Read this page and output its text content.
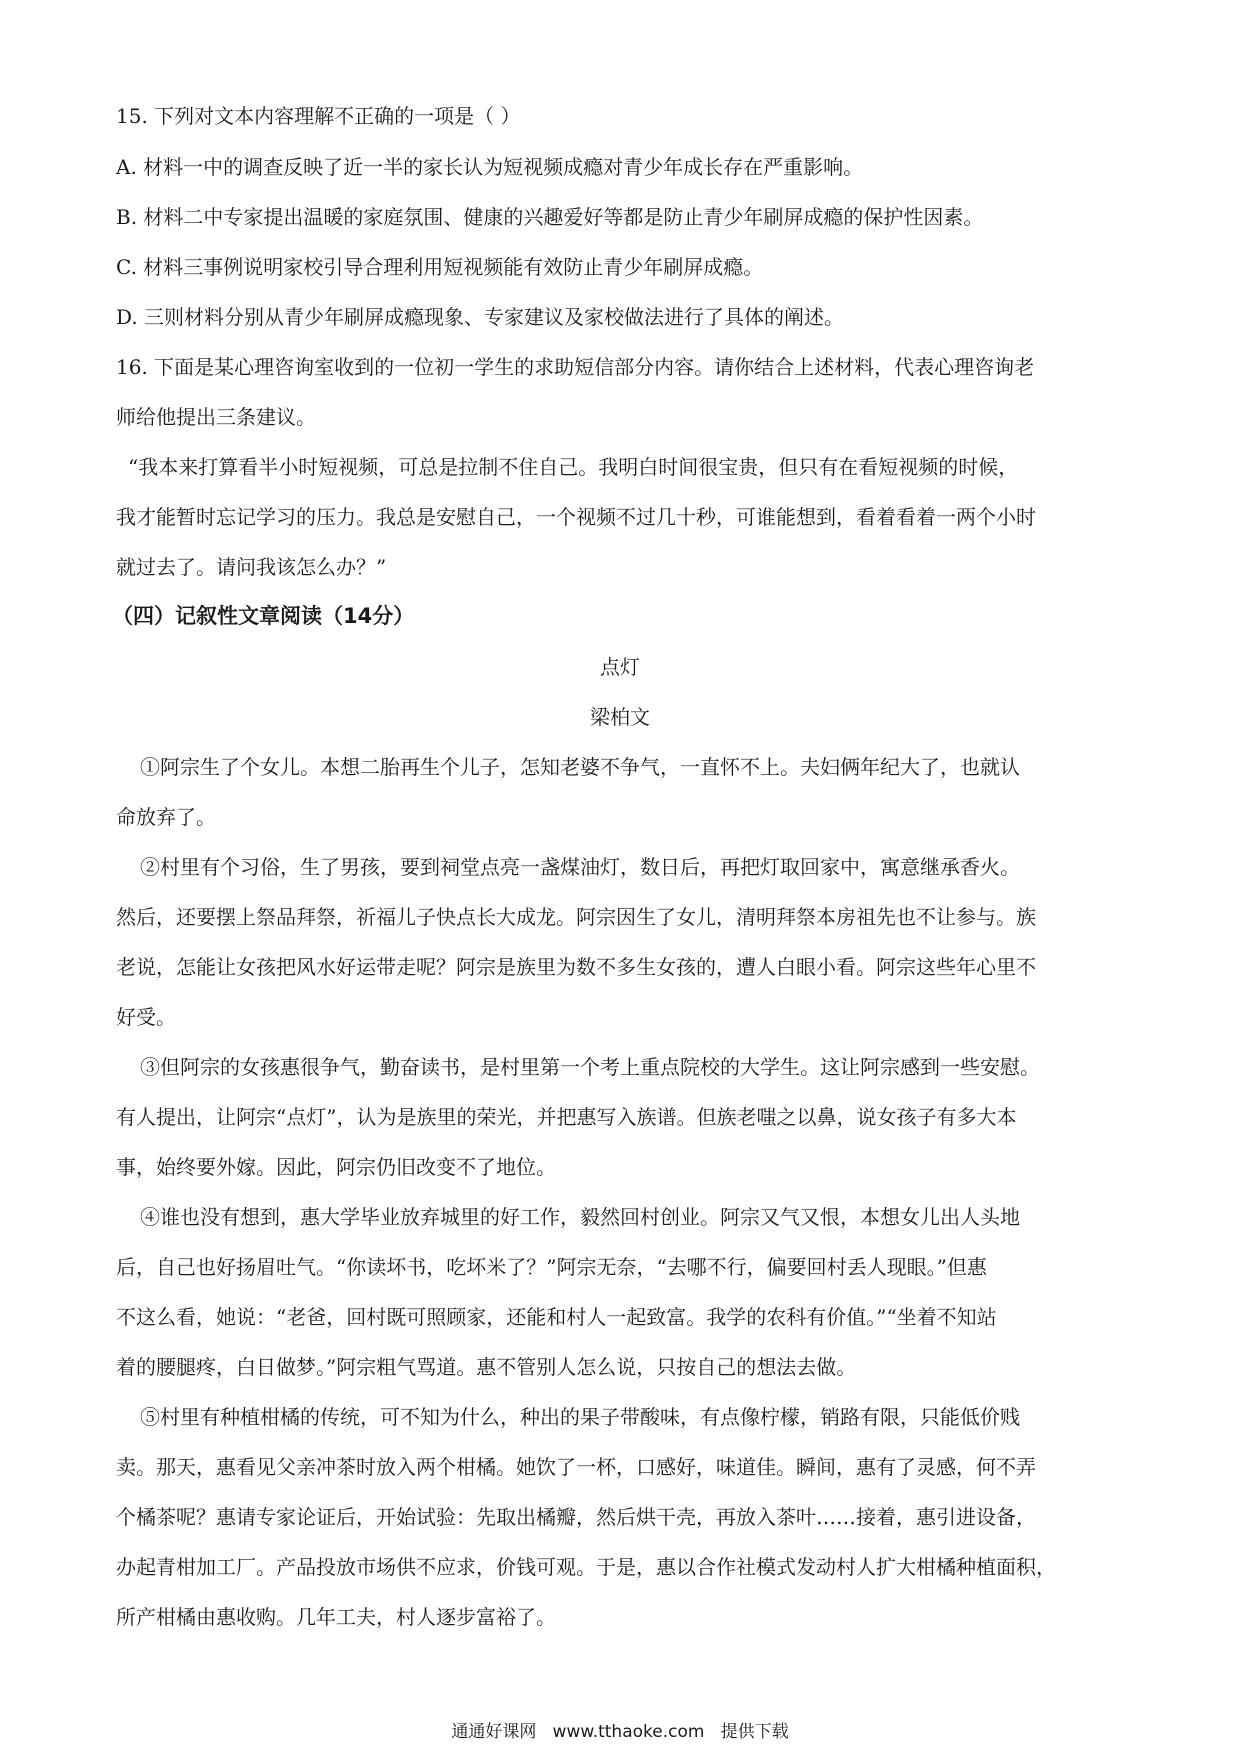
15. 下列对文本内容理解不正确的一项是（ ）
A. 材料一中的调查反映了近一半的家长认为短视频成瘾对青少年成长存在严重影响。
B. 材料二中专家提出温暖的家庭氛围、健康的兴趣爱好等都是防止青少年刷屏成瘾的保护性因素。
C. 材料三事例说明家校引导合理利用短视频能有效防止青少年刷屏成瘾。
D. 三则材料分别从青少年刷屏成瘾现象、专家建议及家校做法进行了具体的阐述。
16. 下面是某心理咨询室收到的一位初一学生的求助短信部分内容。请你结合上述材料，代表心理咨询老
师给他提出三条建议。
“我本来打算看半小时短视频，可总是拉制不住自己。我明白时间很宝贵，但只有在看短视频的时候，
我才能暂时忘记学习的压力。我总是安慰自己，一个视频不过几十秒，可谁能想到，看着看着一两个小时
就过去了。请问我该怎么办？”
（四）记叙性文章阅读（14分）
点灯
梁柏文
①阿宗生了个女儿。本想二胎再生个儿子，怎知老婆不争气，一直怀不上。夫妇俩年纪大了，也就认
命放弃了。
②村里有个习俗，生了男孩，要到祠堂点亮一盏煤油灯，数日后，再把灯取回家中，寓意继承香火。
然后，还要摆上祭品拜祭，祈福儿子快点长大成龙。阿宗因生了女儿，清明拜祭本房祖先也不让参与。族
老说，怎能让女孩把风水好运带走呢？阿宗是族里为数不多生女孩的，遭人白眼小看。阿宗这些年心里不
好受。
③但阿宗的女孩惠很争气，勤奋读书，是村里第一个考上重点院校的大学生。这让阿宗感到一些安慰。
有人提出，让阿宗“点灯”，认为是族里的荣光，并把惠写入族谱。但族老嗤之以鼻，说女孩子有多大本
事，始终要外嫁。因此，阿宗仍旧改变不了地位。
④谁也没有想到，惠大学毕业放弃城里的好工作，毅然回村创业。阿宗又气又恨，本想女儿出人头地
后，自己也好扬眉吐气。“你读坏书，吃坏米了？”阿宗无奈，“去哪不行，偏要回村丢人现眼。”但惠
不这么看，她说：“老爸，回村既可照顾家，还能和村人一起致富。我学的农科有价值。”“坐着不知站
着的腰腿疼，白日做梦。”阿宗粗气骂道。惠不管别人怎么说，只按自己的想法去做。
⑤村里有种植柑橘的传统，可不知为什么，种出的果子带酸味，有点像柠檬，销路有限，只能低价贱
卖。那天，惠看见父亲冲茶时放入两个柑橘。她饮了一杯，口感好，味道佳。瞬间，惠有了灵感，何不弄
个橘茶呢？惠请专家论证后，开始试验：先取出橘瓣，然后烘干壳，再放入茶叶……接着，惠引进设备，
办起青柑加工厂。产品投放市场供不应求，价钱可观。于是，惠以合作社模式发动村人扩大柑橘种植面积，
所产柑橘由惠收购。几年工夫，村人逐步富裕了。
通通好课网 www.tthaoke.com 提供下载
